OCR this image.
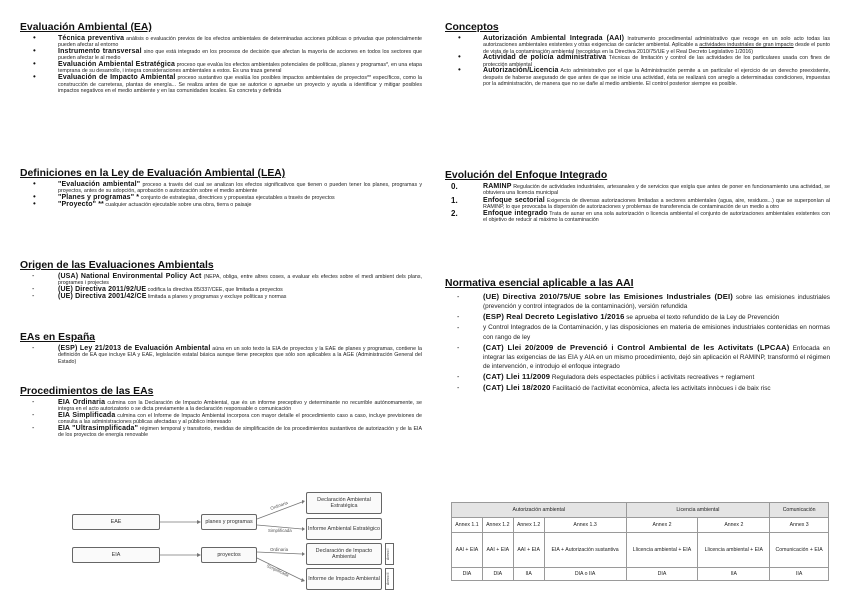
Evaluación Ambiental (EA)
• Técnica preventiva análisis o evaluación previos de los efectos ambientales de determinadas acciones públicas o privadas que potencialmente pueden afectar al entorno
• Instrumento transversal sino que está integrado en los procesos de decisión que afectan la mayoría de acciones en todos los sectores que pueden afectar le al medio
• Evaluación Ambiental Estratégica proceso que evalúa los efectos ambientales potenciales de políticas, planes y programas*, en una etapa temprana de su desarrollo, i integra consideraciones ambientales a estos. Es una traza general
• Evaluación de Impacto Ambiental proceso sustantivo que evalúa los posibles impactos ambientales de proyectos** específicos, como la construcción de carreteras, plantas de energía... Se realiza antes de que se autorice o apruebe un proyecto y ayuda a identificar y mitigar posibles impactos negativos en el medio ambiente y en las comunidades locales. Es concreta y definida
Definiciones en la Ley de Evaluación Ambiental (LEA)
• "Evaluación ambiental" proceso a través del cual se analizan los efectos significativos que tienen o pueden tener los planes, programas y proyectos, antes de su adopción, aprobación o autorización sobre el medio ambiente
• "Planes y programas" * conjunto de estrategias, directrices y propuestas ejecutables a través de proyectos
• "Proyecto" ** cualquier actuación ejecutable sobre una obra, tierra o paisaje
Origen de las Evaluaciones Ambientals
- (USA) National Environmental Policy Act (NEPA, obliga, entre altres coses, a evaluar els efectes sobre el medi ambient dels plans, programes i projectes
- (UE) Directiva 2011/92/UE codifica la directiva 85/337/CEE, que limitada a proyectos
- (UE) Directiva 2001/42/CE limitada a planes y programas y excluye políticas y normas
EAs en España
- (ESP) Ley 21/2013 de Evaluación Ambiental aúna en un solo texto la EIA de proyectos y la EAE de planes y programas, contiene la definición de EA que incluye EIA y EAE, legislación estatal básica aunque tiene preceptos que sólo son aplicables a la AGE (Administración General del Estado)
Procedimientos de las EAs
- EIA Ordinaria culmina con la Declaración de Impacto Ambiental, que és un informe preceptivo y determinante no recurrible autónomamente, se integra en el acto autorizatorio o se dicta previamente a la declaración responsable o comunicación
- EIA Simplificada culmina con el Informe de Impacto Ambiental incorpora con mayor detalle el procedimiento caso a caso, incluye previsiones de consulta a las administraciones públicas afectadas y al público interesado
- EIA "Ultrasimplificada" régimen temporal y transitorio, medidas de simplificación de los procedimientos sustantivos de autorización y de la EIA de los proyectos de energía renovable
EAE
EIA
planes y programas
proyectos
Ordinaria
Simplificada
Ordinaria
Simplificada
Declaración Ambiental Estratégica
Informe Ambiental Estratégico
Declaración de Impacto Ambiental
Informe de Impacto Ambiental
Anexo I
Anexo II
Conceptos
• Autorización Ambiental Integrada (AAI) Instrumento procedimental administrativo que recoge en un solo acto todas las autorizaciones ambientales existentes y otras exigencias de carácter ambiental. Aplicable a actividades industriales de gran impacto desde el punto de vista de la contaminación ambiental (recogidas en la Directiva 2010/75/UE y el Real Decreto Legislativo 1/2016)
• Actividad de policía administrativa Técnicas de limitación y control de las actividades de los particulares usada con fines de protección ambiental
• Autorización/Licencia Acto administrativo por el que la Administración permite a un particular el ejercicio de un derecho preexistente, después de haberse asegurado de que antes de que se inicie una actividad, ésta se realizará con arreglo a determinadas condiciones, impuestas por la administración, de manera que no se dañe al medio ambiente. El control posterior siempre es posible.
Evolución del Enfoque Integrado
0.	RAMINP Regulación de actividades industriales, artesanales y de servicios que exigía que antes de poner en funcionamiento una actividad, se obtuviera una licencia municipal
1.	Enfoque sectorial Exigencia de diversas autorizaciones limitadas a sectores ambientales (agua, aire, residuos...) que se superponían al RAMINP, lo que provocaba la dispersión de autorizaciones y problemas de transferencia de contaminación de un medio a otro
2.	Enfoque integrado Trata de aunar en una sola autorización o licencia ambiental el conjunto de autorizaciones ambientales existentes con el objetivo de reducir al máximo la contaminación
Normativa esencial aplicable a las AAI
- (UE) Directiva 2010/75/UE sobre las Emisiones Industriales (DEI) sobre las emisiones industriales (prevención y control integrados de la contaminación), versión refundida
- (ESP) Real Decreto Legislativo 1/2016 se aprueba el texto refundido de la Ley de Prevención
- y Control Integrados de la Contaminación, y las disposiciones en materia de emisiones industriales contenidas en normas con rango de ley
- (CAT) Llei 20/2009 de Prevenció i Control Ambiental de les Activitats (LPCAA) Enfocada en integrar las exigencias de las EIA y AIA en un mismo procedimiento, dejó sin aplicación el RAMINP, transformó el régimen de intervención, e introdujo el enfoque integrado
- (CAT) Llei 11/2009 Reguladora dels espectacles públics i activitats recreatives + reglament
- (CAT) Llei 18/2020 Facilitació de l'activitat econòmica, afecta les activitats innòcues i de baix risc
Autorización ambiental				Licencia ambiental		Comunicación
Annex 1.1	Annex 1.2	Annex 1.2	Annex 1.3	Annex 2	Annex 2	Annex 3
AAI + EIA	AAI + EIA	AAI + EIA	EIA + Autorización sustantiva	Llicencia ambiental + EIA	Llicencia ambiental + EIA	Comunicación + EIA
DIA	DIA	IIA	DIA o IIA	DIA	IIA	IIA
